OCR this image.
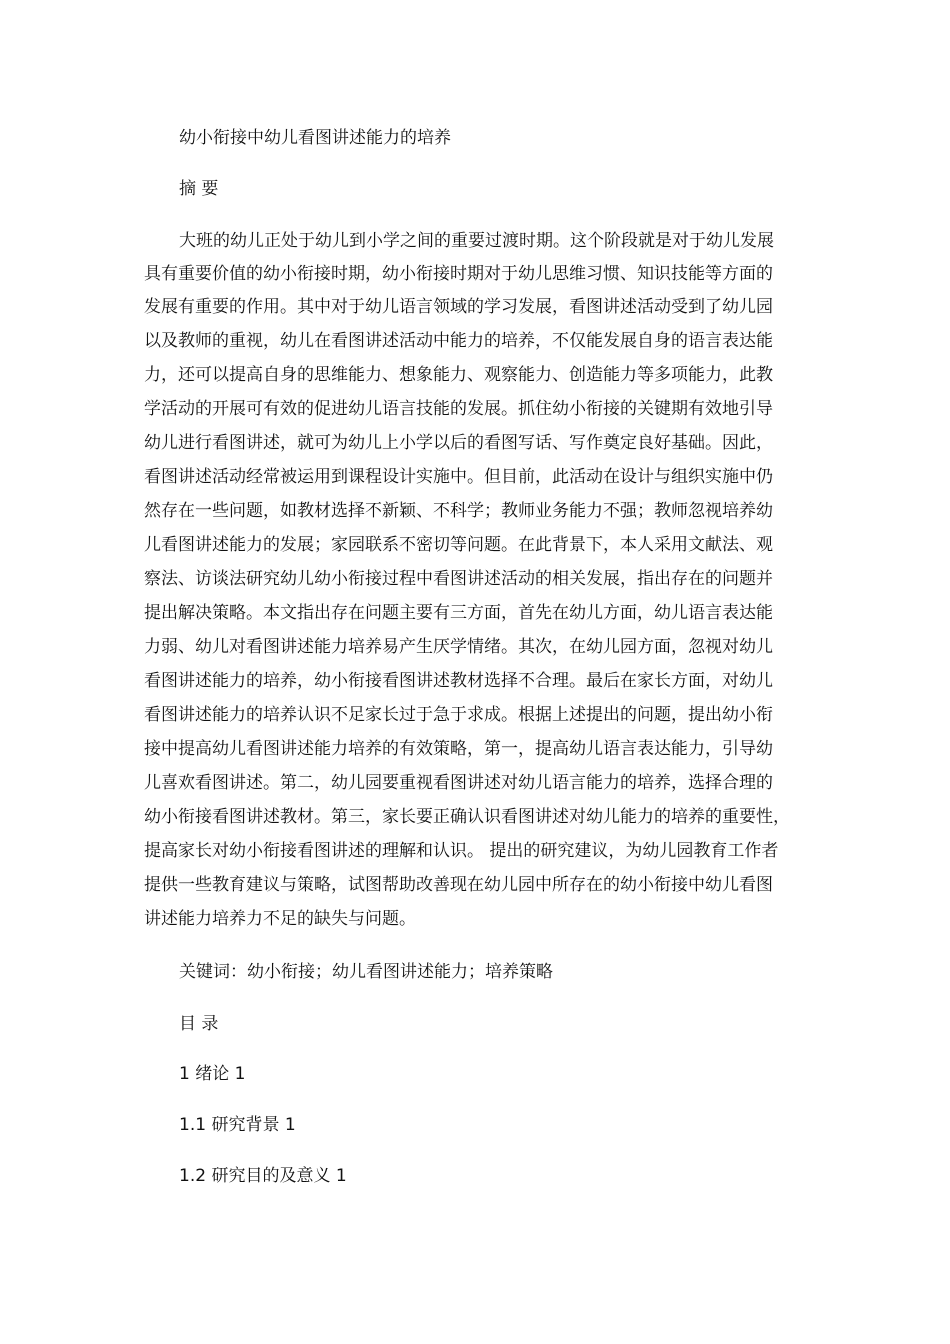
幼小衔接中幼儿看图讲述能力的培养
摘 要
大班的幼儿正处于幼儿到小学之间的重要过渡时期。这个阶段就是对于幼儿发展
具有重要价值的幼小衔接时期，幼小衔接时期对于幼儿思维习惯、知识技能等方面的
发展有重要的作用。其中对于幼儿语言领域的学习发展，看图讲述活动受到了幼儿园
以及教师的重视，幼儿在看图讲述活动中能力的培养，不仅能发展自身的语言表达能
力，还可以提高自身的思维能力、想象能力、观察能力、创造能力等多项能力，此教
学活动的开展可有效的促进幼儿语言技能的发展。抓住幼小衔接的关键期有效地引导
幼儿进行看图讲述，就可为幼儿上小学以后的看图写话、写作奠定良好基础。因此，
看图讲述活动经常被运用到课程设计实施中。但目前，此活动在设计与组织实施中仍
然存在一些问题，如教材选择不新颖、不科学；教师业务能力不强；教师忽视培养幼
儿看图讲述能力的发展；家园联系不密切等问题。在此背景下，本人采用文献法、观
察法、访谈法研究幼儿幼小衔接过程中看图讲述活动的相关发展，指出存在的问题并
提出解决策略。本文指出存在问题主要有三方面，首先在幼儿方面，幼儿语言表达能
力弱、幼儿对看图讲述能力培养易产生厌学情绪。其次，在幼儿园方面，忽视对幼儿
看图讲述能力的培养，幼小衔接看图讲述教材选择不合理。最后在家长方面，对幼儿
看图讲述能力的培养认识不足家长过于急于求成。根据上述提出的问题，提出幼小衔
接中提高幼儿看图讲述能力培养的有效策略，第一，提高幼儿语言表达能力，引导幼
儿喜欢看图讲述。第二，幼儿园要重视看图讲述对幼儿语言能力的培养，选择合理的
幼小衔接看图讲述教材。第三，家长要正确认识看图讲述对幼儿能力的培养的重要性，
提高家长对幼小衔接看图讲述的理解和认识。 提出的研究建议，为幼儿园教育工作者
提供一些教育建议与策略，试图帮助改善现在幼儿园中所存在的幼小衔接中幼儿看图
讲述能力培养力不足的缺失与问题。
关键词：幼小衔接；幼儿看图讲述能力；培养策略
目 录
1 绪论 1
1.1 研究背景 1
1.2 研究目的及意义 1
